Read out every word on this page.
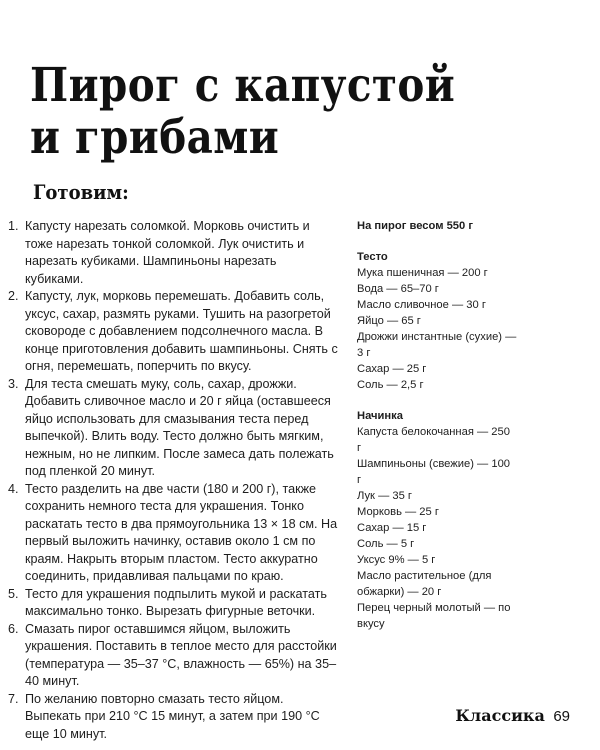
Пирог с капустой
и грибами
Готовим:
1. Капусту нарезать соломкой. Морковь очистить и тоже нарезать тонкой соломкой. Лук очистить и нарезать кубиками. Шампиньоны нарезать кубиками.
2. Капусту, лук, морковь перемешать. Добавить соль, уксус, сахар, размять руками. Тушить на разогретой сковороде с добавлением подсолнечного масла. В конце приготовления добавить шампиньоны. Снять с огня, перемешать, поперчить по вкусу.
3. Для теста смешать муку, соль, сахар, дрожжи. Добавить сливочное масло и 20 г яйца (оставшееся яйцо использовать для смазывания теста перед выпечкой). Влить воду. Тесто должно быть мягким, нежным, но не липким. После замеса дать полежать под пленкой 20 минут.
4. Тесто разделить на две части (180 и 200 г), также сохранить немного теста для украшения. Тонко раскатать тесто в два прямоугольника 13 × 18 см. На первый выложить начинку, оставив около 1 см по краям. Накрыть вторым пластом. Тесто аккуратно соединить, придавливая пальцами по краю.
5. Тесто для украшения подпылить мукой и раскатать максимально тонко. Вырезать фигурные веточки.
6. Смазать пирог оставшимся яйцом, выложить украшения. Поставить в теплое место для расстойки (температура — 35–37 °С, влажность — 65%) на 35–40 минут.
7. По желанию повторно смазать тесто яйцом. Выпекать при 210 °С 15 минут, а затем при 190 °С еще 10 минут.
На пирог весом 550 г
Тесто
Мука пшеничная — 200 г
Вода — 65–70 г
Масло сливочное — 30 г
Яйцо — 65 г
Дрожжи инстантные (сухие) — 3 г
Сахар — 25 г
Соль — 2,5 г
Начинка
Капуста белокочанная — 250 г
Шампиньоны (свежие) — 100 г
Лук — 35 г
Морковь — 25 г
Сахар — 15 г
Соль — 5 г
Уксус 9% — 5 г
Масло растительное (для обжарки) — 20 г
Перец черный молотый — по вкусу
Классика 69
